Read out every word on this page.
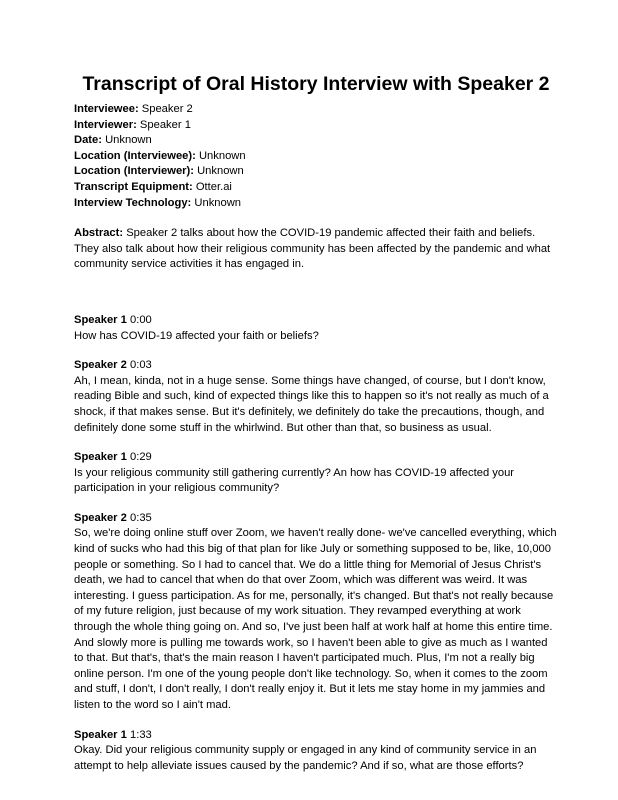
Transcript of Oral History Interview with Speaker 2
Interviewee: Speaker 2
Interviewer: Speaker 1
Date: Unknown
Location (Interviewee): Unknown
Location (Interviewer): Unknown
Transcript Equipment: Otter.ai
Interview Technology: Unknown
Abstract: Speaker 2 talks about how the COVID-19 pandemic affected their faith and beliefs. They also talk about how their religious community has been affected by the pandemic and what community service activities it has engaged in.
Speaker 1 0:00
How has COVID-19 affected your faith or beliefs?
Speaker 2 0:03
Ah, I mean, kinda, not in a huge sense. Some things have changed, of course, but I don't know, reading Bible and such, kind of expected things like this to happen so it's not really as much of a shock, if that makes sense. But it's definitely, we definitely do take the precautions, though, and definitely done some stuff in the whirlwind. But other than that, so business as usual.
Speaker 1 0:29
Is your religious community still gathering currently? An how has COVID-19 affected your participation in your religious community?
Speaker 2 0:35
So, we're doing online stuff over Zoom, we haven't really done- we've cancelled everything, which kind of sucks who had this big of that plan for like July or something supposed to be, like, 10,000 people or something. So I had to cancel that. We do a little thing for Memorial of Jesus Christ's death, we had to cancel that when do that over Zoom, which was different was weird. It was interesting. I guess participation. As for me, personally, it's changed. But that's not really because of my future religion, just because of my work situation. They revamped everything at work through the whole thing going on. And so, I've just been half at work half at home this entire time. And slowly more is pulling me towards work, so I haven't been able to give as much as I wanted to that. But that's, that's the main reason I haven't participated much. Plus, I'm not a really big online person. I'm one of the young people don't like technology. So, when it comes to the zoom and stuff, I don't, I don't really, I don't really enjoy it. But it lets me stay home in my jammies and listen to the word so I ain't mad.
Speaker 1 1:33
Okay. Did your religious community supply or engaged in any kind of community service in an attempt to help alleviate issues caused by the pandemic? And if so, what are those efforts?
